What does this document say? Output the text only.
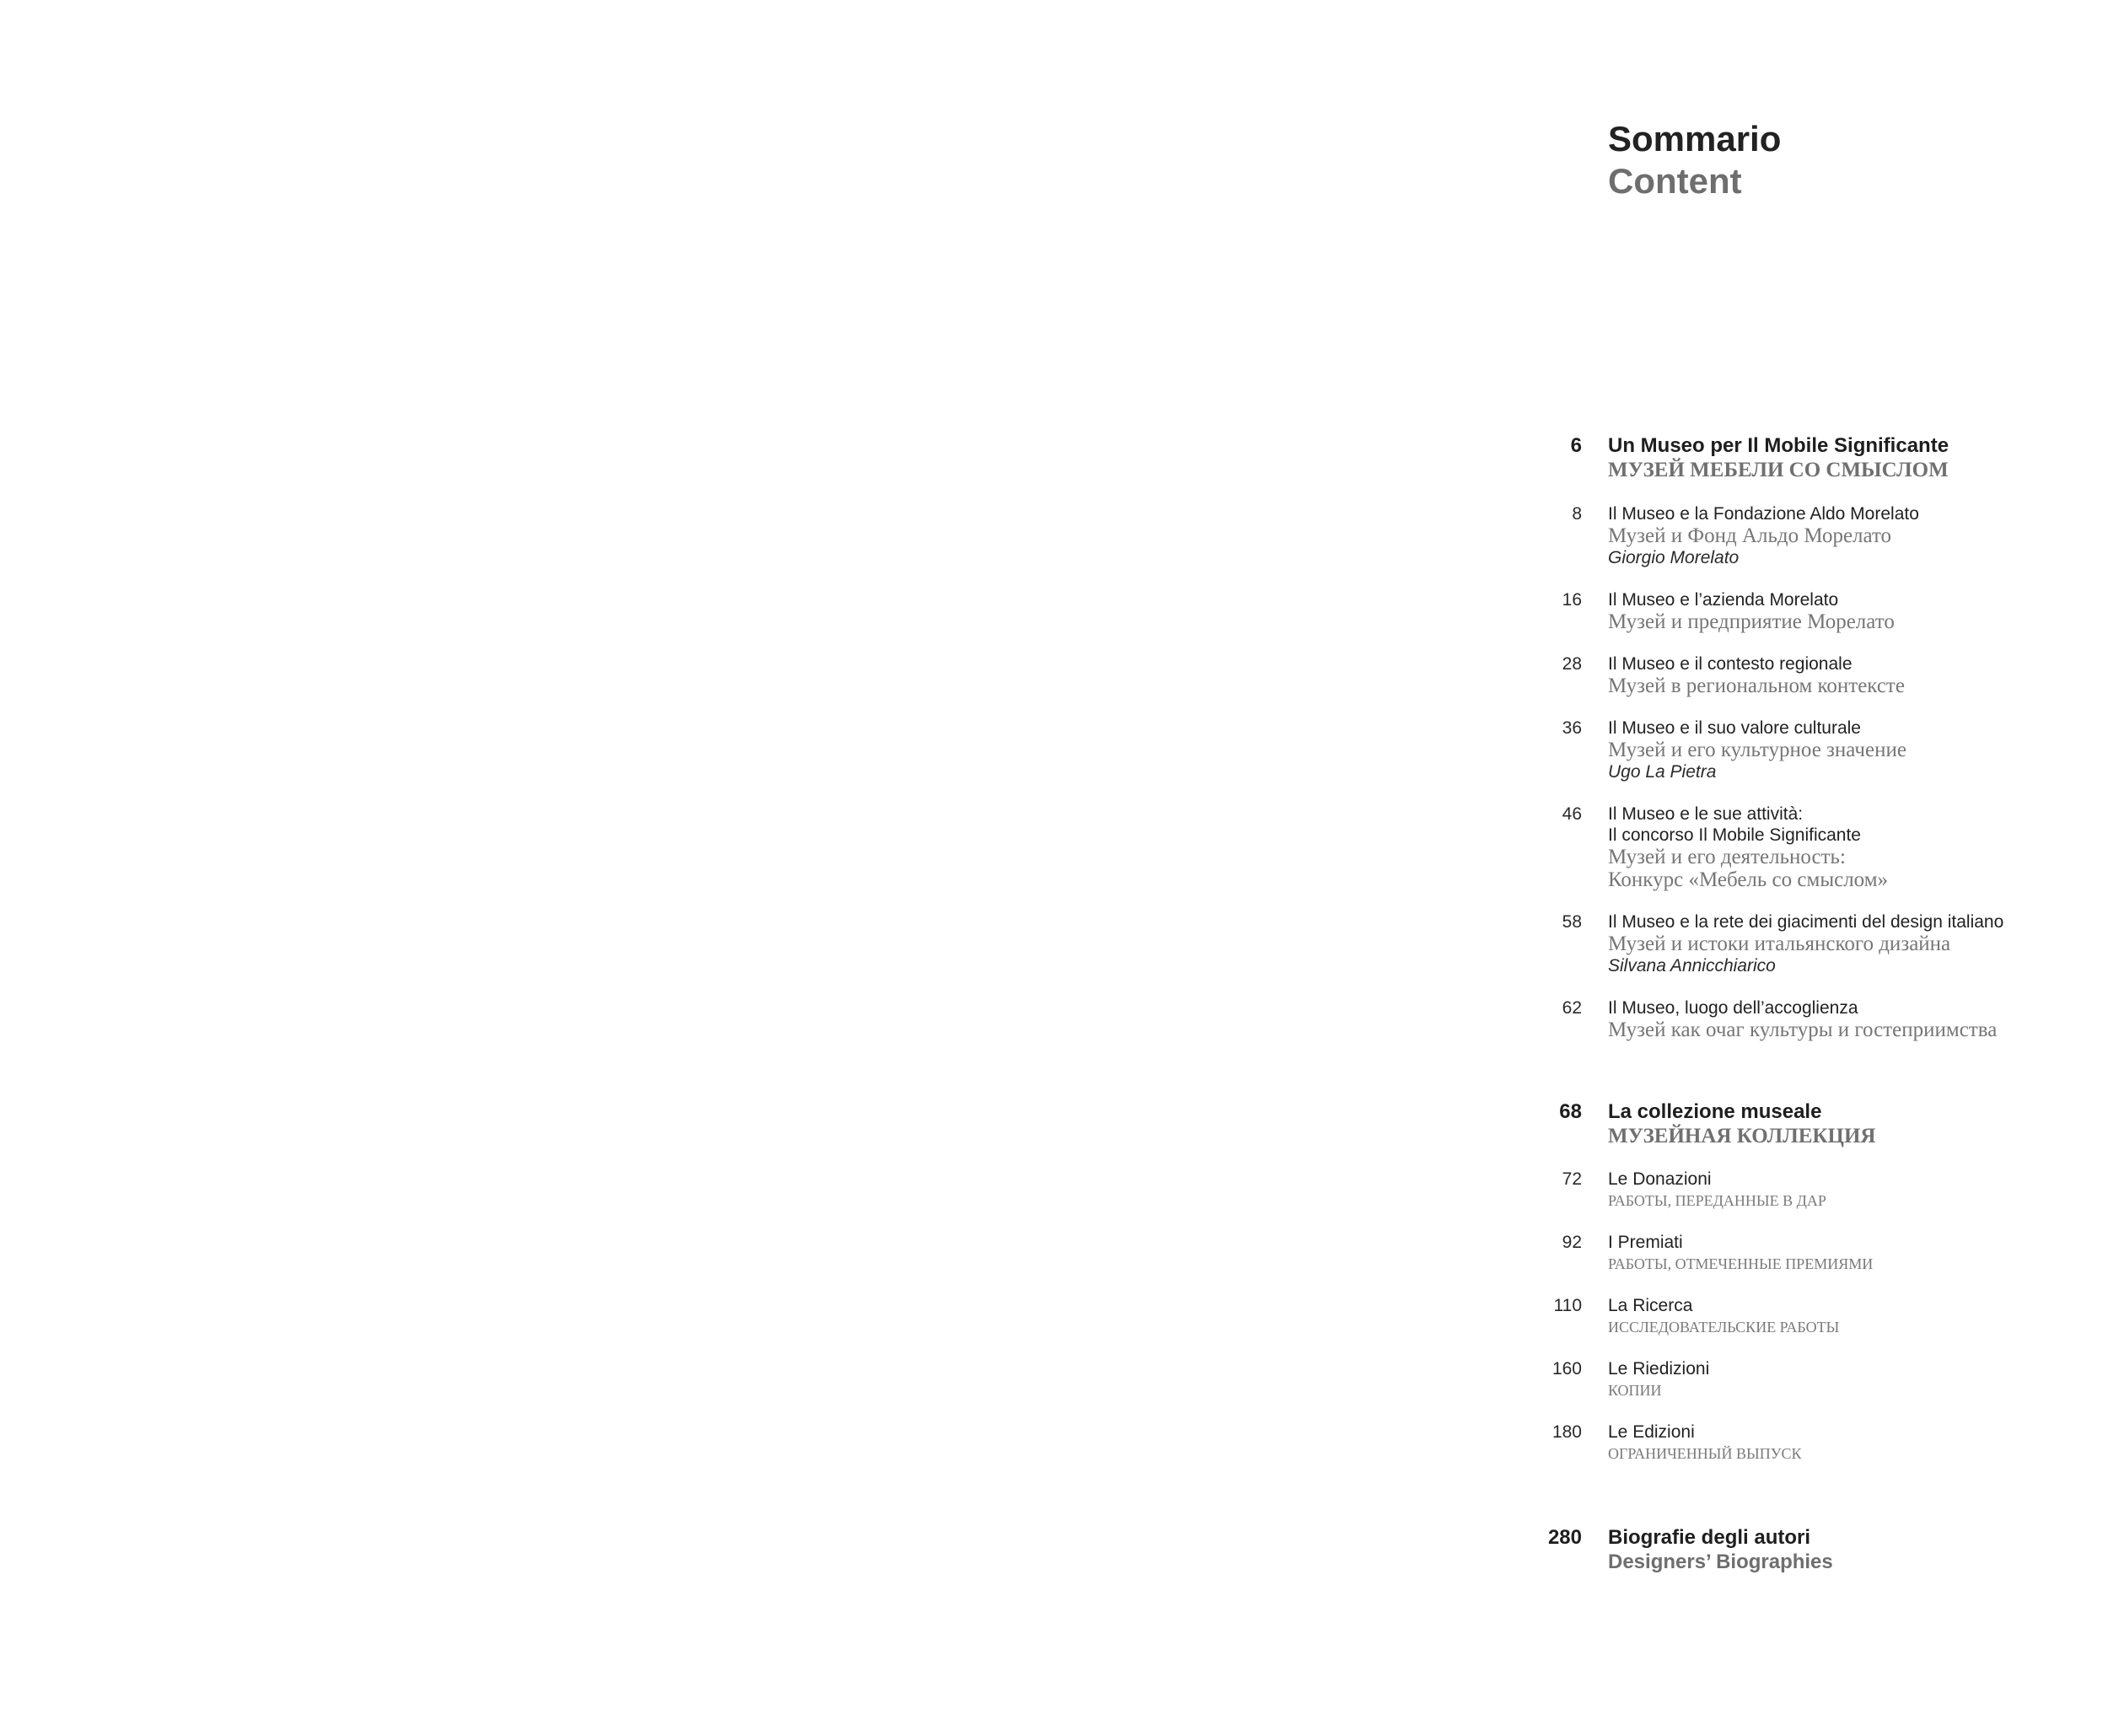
Sommario
Content
6 Un Museo per Il Mobile Significante
МУЗЕЙ МЕБЕЛИ СО СМЫСЛОМ
8 Il Museo e la Fondazione Aldo Morelato
Музей и Фонд Альдо Морелато
Giorgio Morelato
16 Il Museo e l’azienda Morelato
Музей и предприятие Морелато
28 Il Museo e il contesto regionale
Музей в региональном контексте
36 Il Museo e il suo valore culturale
Музей и его культурное значение
Ugo La Pietra
46 Il Museo e le sue attività:
Il concorso Il Mobile Significante
Музей и его деятельность:
Конкурс «Мебель со смыслом»
58 Il Museo e la rete dei giacimenti del design italiano
Музей и истоки итальянского дизайна
Silvana Annicchiarico
62 Il Museo, luogo dell’accoglienza
Музей как очаг культуры и гостеприимства
68 La collezione museale
МУЗЕЙНАЯ КОЛЛЕКЦИЯ
72 Le Donazioni
РАБОТЫ, ПЕРЕДАННЫЕ В ДАР
92 I Premiati
РАБОТЫ, ОТМЕЧЕННЫЕ ПРЕМИЯМИ
110 La Ricerca
ИССЛЕДОВАТЕЛЬСКИЕ РАБОТЫ
160 Le Riedizioni
КОПИИ
180 Le Edizioni
ОГРАНИЧЕННЫЙ ВЫПУСК
280 Biografie degli autori
Designers’ Biographies
